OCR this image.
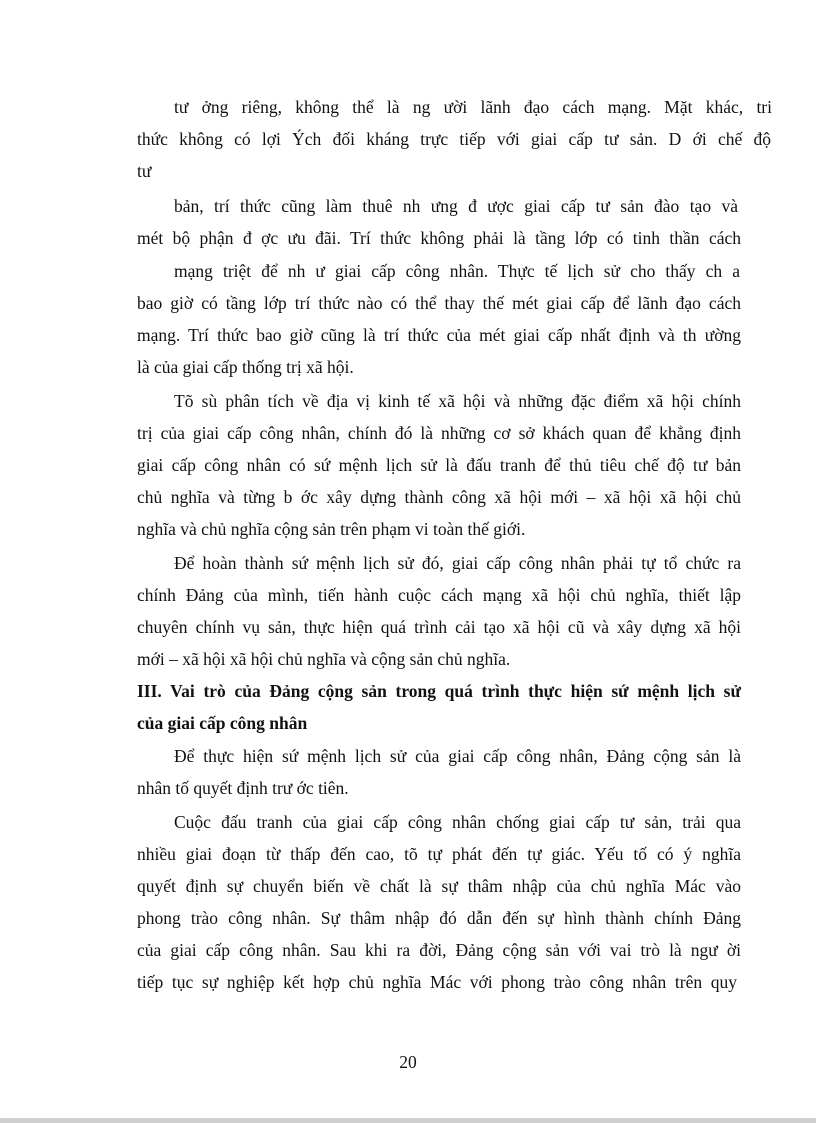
tư ởng riêng, không thể là ng ười lãnh đạo cách mạng. Mặt khác, tri

thức không có lợi Ých đối kháng trực tiếp với giai cấp tư sản. D ới chế độ

tư

bản, trí thức cũng làm thuê nh ưng đ ược giai cấp tư sản đào tạo và

mét bộ phận đ ợc ưu đãi. Trí thức không phải là tầng lớp có tinh thần cách

mạng triệt để nh ư giai cấp công nhân. Thực tế lịch sử cho thấy ch a

bao giờ có tầng lớp trí thức nào có thể thay thế mét giai cấp để lãnh đạo cách

mạng. Trí thức bao giờ cũng là trí thức của mét giai cấp nhất định và th ường

là của giai cấp thống trị xã hội.

Tõ sù phân tích về địa vị kinh tế xã hội và những đặc điểm xã hội chính

trị của giai cấp công nhân, chính đó là những cơ sở khách quan để khẳng định

giai cấp công nhân có sứ mệnh lịch sử là đấu tranh để thủ tiêu chế độ tư bản

chủ nghĩa và từng b ớc xây dựng thành công xã hội mới – xã hội xã hội chủ

nghĩa và chủ nghĩa cộng sản trên phạm vi toàn thế giới.

Để hoàn thành sứ mệnh lịch sử đó, giai cấp công nhân phải tự tổ chức ra

chính Đảng của mình, tiến hành cuộc cách mạng xã hội chủ nghĩa, thiết lập

chuyên chính vụ sản, thực hiện quá trình cải tạo xã hội cũ và xây dựng xã hội

mới – xã hội xã hội chủ nghĩa và cộng sản chủ nghĩa.

III. Vai trò của Đảng cộng sản trong quá trình thực hiện sứ mệnh lịch sử

của giai cấp công nhân

Để thực hiện sứ mệnh lịch sử của giai cấp công nhân, Đảng cộng sản là

nhân tố quyết định trư ớc tiên.

Cuộc đấu tranh của giai cấp công nhân chống giai cấp tư sản, trải qua

nhiều giai đoạn từ thấp đến cao, tõ tự phát đến tự giác. Yếu tố có ý nghĩa

quyết định sự chuyển biến về chất là sự thâm nhập của chủ nghĩa Mác vào

phong trào công nhân. Sự thâm nhập đó dẫn đến sự hình thành chính Đảng

của giai cấp công nhân. Sau khi ra đời, Đảng cộng sản với vai trò là ngư ời

tiếp tục sự nghiệp kết hợp chủ nghĩa Mác với phong trào công nhân trên quy

20
